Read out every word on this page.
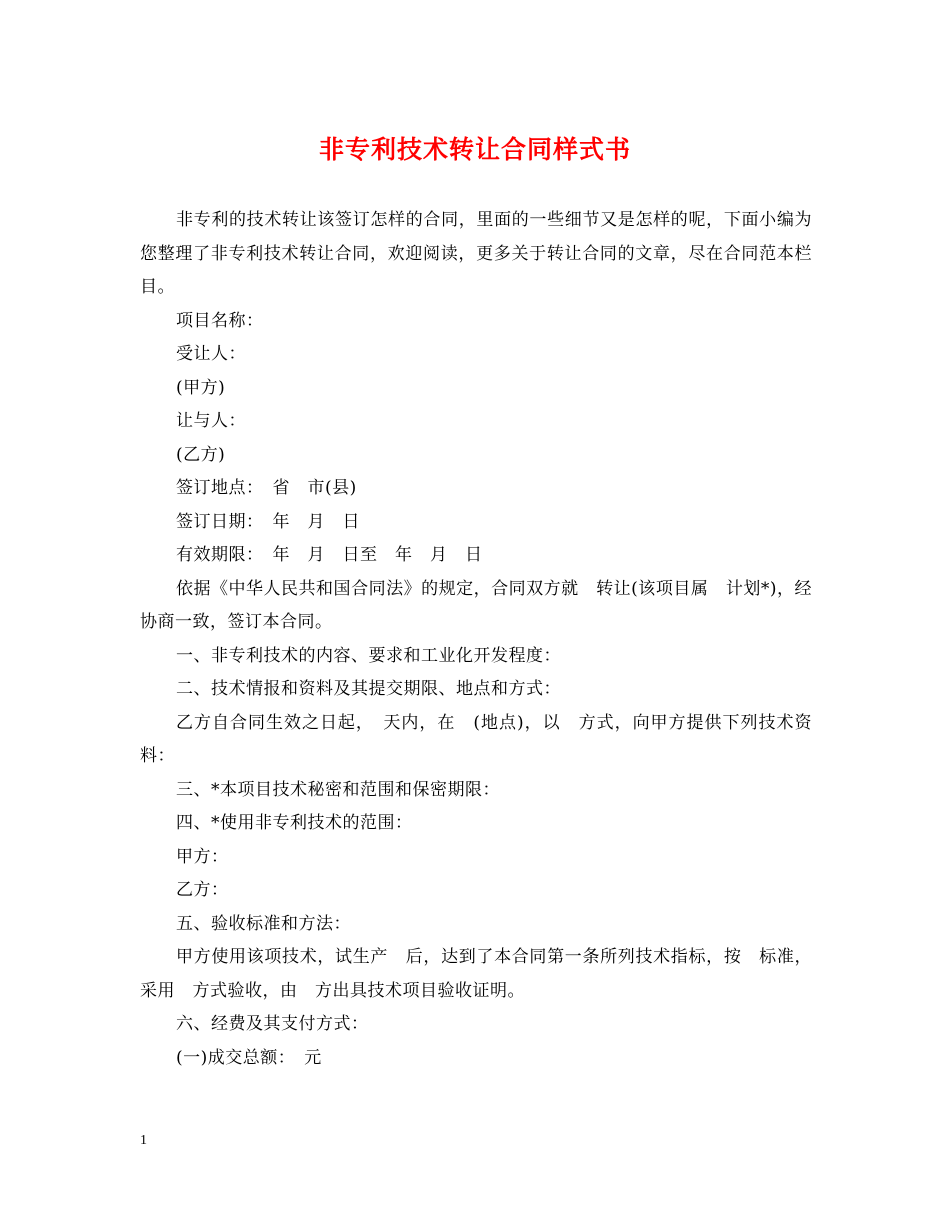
非专利技术转让合同样式书

非专利的技术转让该签订怎样的合同，里面的一些细节又是怎样的呢，下面小编为您整理了非专利技术转让合同，欢迎阅读，更多关于转让合同的文章，尽在合同范本栏目。

项目名称：

受让人：

(甲方)

让与人：

(乙方)

签订地点：　省　市(县)

签订日期：　年　月　日

有效期限：　年　月　日至　年　月　日

依据《中华人民共和国合同法》的规定，合同双方就　转让(该项目属　计划*)，经协商一致，签订本合同。

一、非专利技术的内容、要求和工业化开发程度：

二、技术情报和资料及其提交期限、地点和方式：

乙方自合同生效之日起，　天内，在　(地点)，以　方式，向甲方提供下列技术资料：

三、*本项目技术秘密和范围和保密期限：

四、*使用非专利技术的范围：

甲方：

乙方：

五、验收标准和方法：

甲方使用该项技术，试生产　后，达到了本合同第一条所列技术指标，按　标准，采用　方式验收，由　方出具技术项目验收证明。

六、经费及其支付方式：

(一)成交总额：　元

1
